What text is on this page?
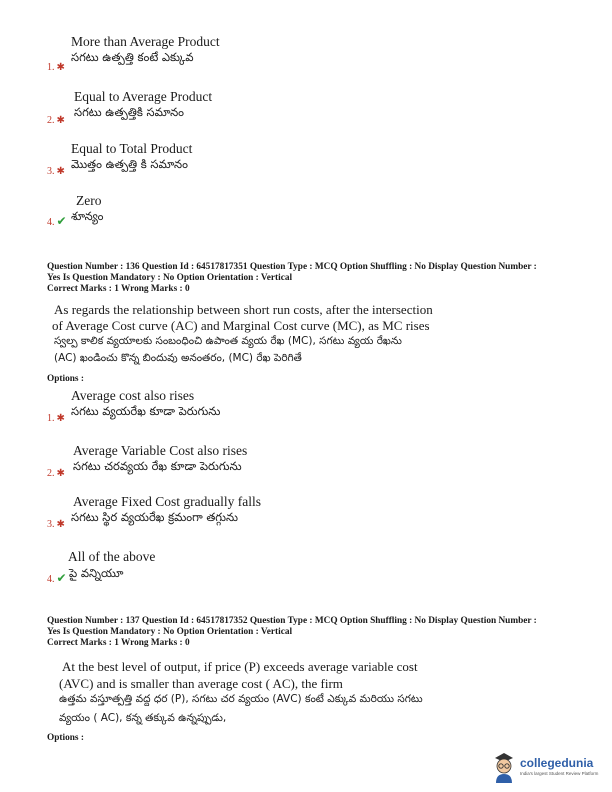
More than Average Product
సగటు ఉత్పత్తి కంటే ఎక్కువ
1. ✱
Equal to Average Product
సగటు ఉత్పత్తికి సమానం
2. ✱
Equal to Total Product
మొత్తం ఉత్పత్తి కి సమానం
3. ✱
Zero
శూన్యం
4. ✔
Question Number : 136 Question Id : 64517817351 Question Type : MCQ Option Shuffling : No Display Question Number :
Yes Is Question Mandatory : No Option Orientation : Vertical
Correct Marks : 1 Wrong Marks : 0
As regards the relationship between short run costs, after the intersection
of Average Cost curve (AC) and Marginal Cost curve (MC), as MC rises
స్వల్ప కాలిక వ్యయాలకు సంబంధించి ఉపాంత వ్యయ రేఖ (MC), సగటు వ్యయ రేఖను
(AC) ఖండించు కొన్న బిందువు అనంతరం, (MC) రేఖ పెరిగితే
Options :
Average cost also rises
సగటు వ్యయరేఖ కూడా పెరుగును
1. ✱
Average Variable Cost also rises
సగటు చరవ్యయ రేఖ కూడా పెరుగును
2. ✱
Average Fixed Cost gradually falls
సగటు స్థిర వ్యయరేఖ క్రమంగా తగ్గును
3. ✱
All of the above
పై వన్నియూ
4. ✔
Question Number : 137 Question Id : 64517817352 Question Type : MCQ Option Shuffling : No Display Question Number :
Yes Is Question Mandatory : No Option Orientation : Vertical
Correct Marks : 1 Wrong Marks : 0
At the best level of output, if price (P) exceeds average variable cost
(AVC) and is smaller than average cost ( AC), the firm
ఉత్తమ వస్తూత్పత్తి వద్ద ధర (P), సగటు చర వ్యయం (AVC) కంటే ఎక్కువ మరియు సగటు
వ్యయం ( AC), కన్న తక్కువ ఉన్నప్పుడు,
Options :
collegedunia
India's largest Student Review Platform
